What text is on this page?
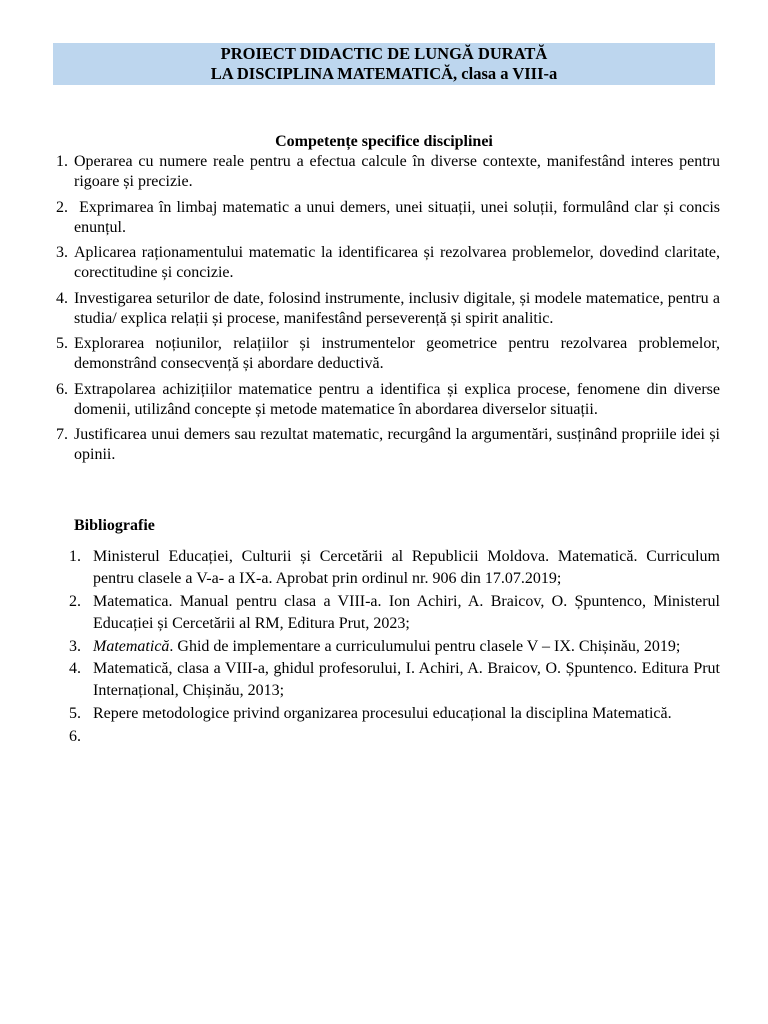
PROIECT DIDACTIC DE LUNGĂ DURATĂ
LA DISCIPLINA MATEMATICĂ, clasa a VIII-a
Competențe specifice disciplinei
1. Operarea cu numere reale pentru a efectua calcule în diverse contexte, manifestând interes pentru rigoare și precizie.
2. Exprimarea în limbaj matematic a unui demers, unei situații, unei soluții, formulând clar și concis enunțul.
3. Aplicarea raționamentului matematic la identificarea și rezolvarea problemelor, dovedind claritate, corectitudine și concizie.
4. Investigarea seturilor de date, folosind instrumente, inclusiv digitale, și modele matematice, pentru a studia/ explica relații și procese, manifestând perseverență și spirit analitic.
5. Explorarea noțiunilor, relațiilor și instrumentelor geometrice pentru rezolvarea problemelor, demonstrând consecvență și abordare deductivă.
6. Extrapolarea achizițiilor matematice pentru a identifica și explica procese, fenomene din diverse domenii, utilizând concepte și metode matematice în abordarea diverselor situații.
7. Justificarea unui demers sau rezultat matematic, recurgând la argumentări, susținând propriile idei și opinii.
Bibliografie
1. Ministerul Educației, Culturii și Cercetării al Republicii Moldova. Matematică. Curriculum pentru clasele a V-a- a IX-a. Aprobat prin ordinul nr. 906 din 17.07.2019;
2. Matematica. Manual pentru clasa a VIII-a. Ion Achiri, A. Braicov, O. Șpuntenco, Ministerul Educației și Cercetării al RM, Editura Prut, 2023;
3. Matematică. Ghid de implementare a curriculumului pentru clasele V – IX. Chișinău, 2019;
4. Matematică, clasa a VIII-a, ghidul profesorului, I. Achiri, A. Braicov, O. Șpuntenco. Editura Prut Internațional, Chișinău, 2013;
5. Repere metodologice privind organizarea procesului educațional la disciplina Matematică.
6.
